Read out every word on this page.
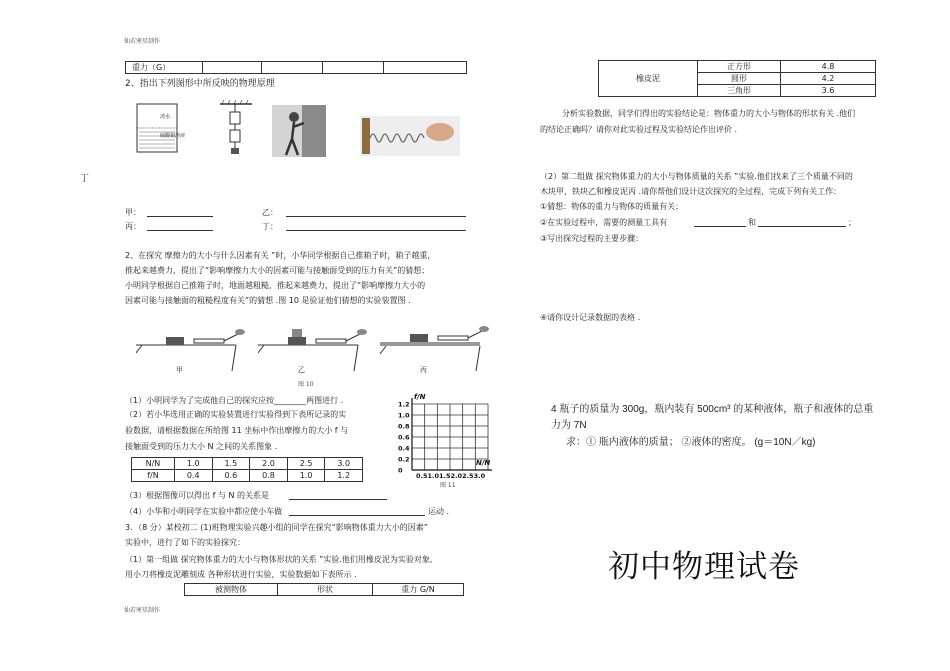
仙若寒星制作
仙若寒星制作
丁
重力（G）				
2、指出下列图形中所反映的物理原理
清水
硫酸铜溶液
甲：	乙：
丙：	丁：
2、在探究 摩擦力的大小与什么因素有关 ”时，小华同学根据自己推箱子时，箱子越重，
推起来越费力，提出了“影响摩擦力大小的因素可能与接触面受到的压力有关”的猜想；
小明同学根据自己推箱子时，地面越粗糙，推起来越费力，提出了“影响摩擦力大小的
因素可能与接触面的粗糙程度有关”的猜想 .图 10 是验证他们猜想的实验装置图 .
甲	乙	丙
图 10
（1）小明同学为了完成他自己的探究应按________两图进行 .
（2）若小华选用正确的实验装置进行实验得到下表所记录的实
验数据，请根据数据在所给图 11 坐标中作出摩擦力的大小 f 与
接触面受到的压力大小 N 之间的关系图象 .
N/N	1.0	1.5	2.0	2.5	3.0
f/N	0.4	0.6	0.8	1.0	1.2
（3）根据图像可以得出 f 与 N 的关系是
（4）小华和小明同学在实验中都应使小车做	运动 .
f/N
N/N
1.2
1.0
0.8
0.6
0.4
0.2
0
0.51.01.52.02.53.0
图 11
3．（8 分）某校初二 (1)班物理实验兴趣小组的同学在探究“影响物体重力大小的因素”
实验中，进行了如下的实验探究：
（1）第一组做 探究物体重力的大小与物体形状的关系 ”实验.他们用橡皮泥为实验对象,
用小刀将橡皮泥雕刻成 各种形状进行实验，实验数据如下表所示 .
被测物体	形状	重力 G/N
橡皮泥	正方形	4.8
	圆形	4.2
	三角形	3.6
分析实验数据，同学们得出的实验结论是：物体重力的大小与物体的形状有关 .他们
的结论正确吗？请你对此实验过程及实验结论作出评价 .
（2）第二组做 探究物体重力的大小与物体质量的关系 ”实验.他们找来了三个质量不同的
木块甲，铁块乙和橡皮泥丙 .请你帮他们设计这次探究的全过程，完成下列有关工作：
①猜想：物体的重力与物体的质量有关；
②在实验过程中，需要的测量工具有	和	；
③写出探究过程的主要步骤：
④请你设计记录数据的表格 .
4 瓶子的质量为 300g，瓶内装有 500cm³ 的某种液体，瓶子和液体的总重
力为 7N
求：① 瓶内液体的质量； ②液体的密度。 (g＝10N／kg)
初中物理试卷
